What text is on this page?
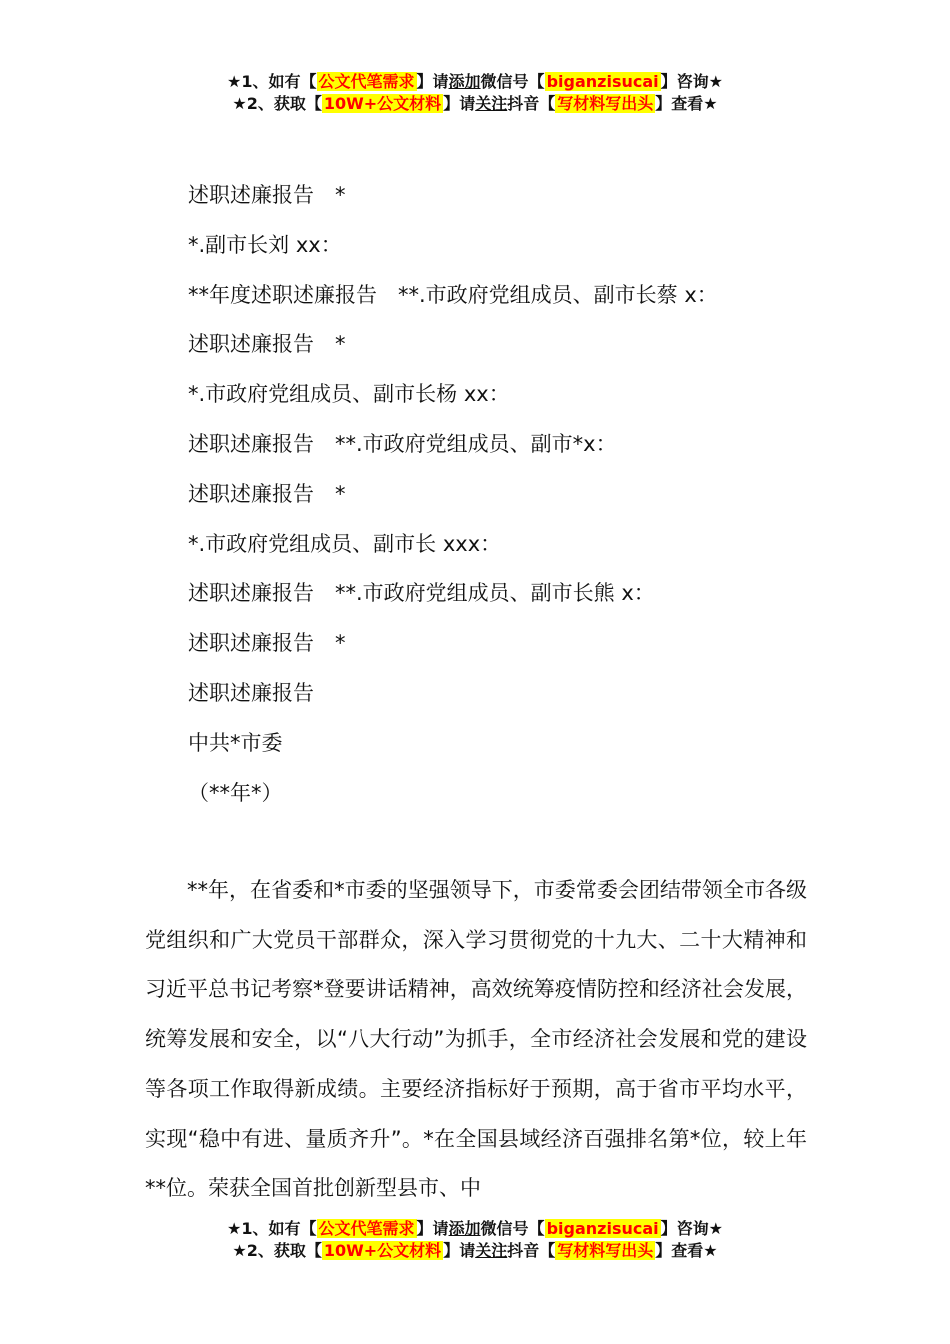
★1、如有【 公文代笔需求 】请添加微信号【 biganzisucai 】咨询★
★2、获取【 10W+公文材料 】请关注抖音【 写材料写出头 】查看★
述职述廉报告　*
*.副市长刘 xx：
**年度述职述廉报告　**.市政府党组成员、副市长蔡 x：
述职述廉报告　*
*.市政府党组成员、副市长杨 xx：
述职述廉报告　**.市政府党组成员、副市*x：
述职述廉报告　*
*.市政府党组成员、副市长 xxx：
述职述廉报告　**.市政府党组成员、副市长熊 x：
述职述廉报告　*
述职述廉报告
中共*市委
（**年*）

**年，在省委和*市委的坚强领导下，市委常委会团结带领全市各级党组织和广大党员干部群众，深入学习贯彻党的十九大、二十大精神和习近平总书记考察*登要讲话精神，高效统筹疫情防控和经济社会发展，统筹发展和安全，以“八大行动”为抓手，全市经济社会发展和党的建设等各项工作取得新成绩。主要经济指标好于预期，高于省市平均水平，实现“稳中有进、量质齐升”。*在全国县域经济百强排名第*位，较上年**位。荣获全国首批创新型县市、中

★1、如有【 公文代笔需求 】请添加微信号【 biganzisucai 】咨询★
★2、获取【 10W+公文材料 】请关注抖音【 写材料写出头 】查看★
